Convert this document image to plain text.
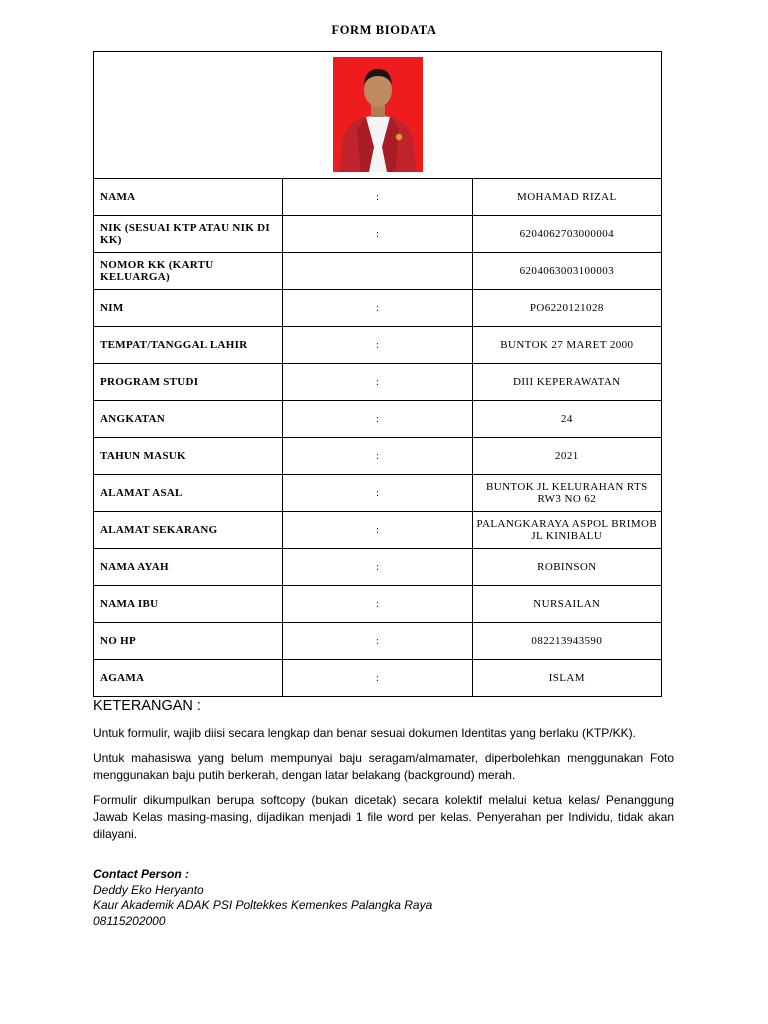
FORM BIODATA

NAMA	:	MOHAMAD RIZAL
NIK (SESUAI KTP ATAU NIK DI KK)	:	6204062703000004
NOMOR KK (KARTU KELUARGA)		6204063003100003
NIM	:	PO6220121028
TEMPAT/TANGGAL LAHIR	:	BUNTOK 27 MARET 2000
PROGRAM STUDI	:	DIII KEPERAWATAN
ANGKATAN	:	24
TAHUN MASUK	:	2021
ALAMAT ASAL	:	BUNTOK JL KELURAHAN RTS RW3 NO 62
ALAMAT SEKARANG	:	PALANGKARAYA ASPOL BRIMOB JL KINIBALU
NAMA AYAH	:	ROBINSON
NAMA IBU	:	NURSAILAN
NO HP	:	082213943590
AGAMA	:	ISLAM
KETERANGAN :

Untuk formulir, wajib diisi secara lengkap dan benar sesuai dokumen Identitas yang berlaku (KTP/KK).

Untuk mahasiswa yang belum mempunyai baju seragam/almamater, diperbolehkan menggunakan Foto menggunakan baju putih berkerah, dengan latar belakang (background) merah.

Formulir dikumpulkan berupa softcopy (bukan dicetak) secara kolektif melalui ketua kelas/ Penanggung Jawab Kelas masing-masing, dijadikan menjadi 1 file word per kelas. Penyerahan per Individu, tidak akan dilayani.

Contact Person :
Deddy Eko Heryanto
Kaur Akademik ADAK PSI Poltekkes Kemenkes Palangka Raya
08115202000
